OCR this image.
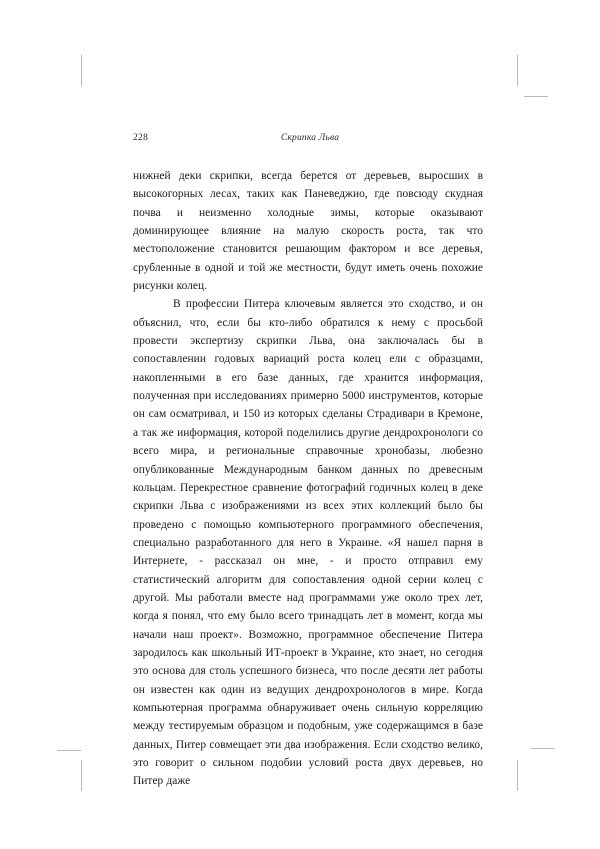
228	Скрипка Льва

нижней деки скрипки, всегда берется от деревьев, выросших в высокогорных лесах, таких как Паневеджио, где повсюду скудная почва и неизменно холодные зимы, которые оказывают доминирующее влияние на малую скорость роста, так что местоположение становится решающим фактором и все деревья, срубленные в одной и той же местности, будут иметь очень похожие рисунки колец.

В профессии Питера ключевым является это сходство, и он объяснил, что, если бы кто-либо обратился к нему с просьбой провести экспертизу скрипки Льва, она заключалась бы в сопоставлении годовых вариаций роста колец ели с образцами, накопленными в его базе данных, где хранится информация, полученная при исследованиях примерно 5000 инструментов, которые он сам осматривал, и 150 из которых сделаны Страдивари в Кремоне, а так же информация, которой поделились другие дендрохронологи со всего мира, и региональные справочные хронобазы, любезно опубликованные Международным банком данных по древесным кольцам. Перекрестное сравнение фотографий годичных колец в деке скрипки Льва с изображениями из всех этих коллекций было бы проведено с помощью компьютерного программного обеспечения, специально разработанного для него в Украине. «Я нашел парня в Интернете, - рассказал он мне, - и просто отправил ему статистический алгоритм для сопоставления одной серии колец с другой. Мы работали вместе над программами уже около трех лет, когда я понял, что ему было всего тринадцать лет в момент, когда мы начали наш проект». Возможно, программное обеспечение Питера зародилось как школьный ИТ-проект в Украине, кто знает, но сегодня это основа для столь успешного бизнеса, что после десяти лет работы он известен как один из ведущих дендрохронологов в мире. Когда компьютерная программа обнаруживает очень сильную корреляцию между тестируемым образцом и подобным, уже содержащимся в базе данных, Питер совмещает эти два изображения. Если сходство велико, это говорит о сильном подобии условий роста двух деревьев, но Питер даже
